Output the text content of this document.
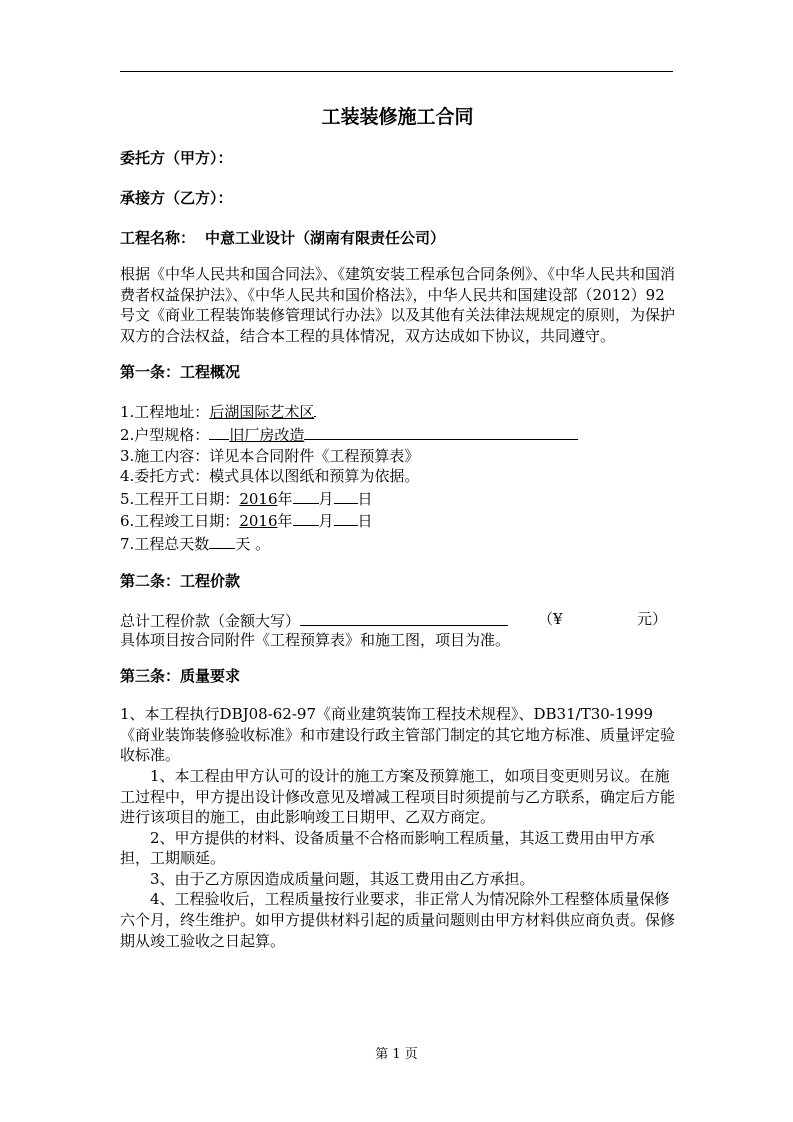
工装装修施工合同
委托方（甲方）：
承接方（乙方）：
工程名称： 中意工业设计（湖南有限责任公司）

根据《中华人民共和国合同法》、《建筑安装工程承包合同条例》、《中华人民共和国消费者权益保护法》、《中华人民共和国价格法》，中华人民共和国建设部（2012）92号文《商业工程装饰装修管理试行办法》以及其他有关法律法规规定的原则，为保护双方的合法权益，结合本工程的具体情况，双方达成如下协议，共同遵守。

第一条：工程概况

1.工程地址：后湖国际艺术区

2.户型规格： 旧厂房改造

3.施工内容：详见本合同附件《工程预算表》

4.委托方式：模式具体以图纸和预算为依据。

5.工程开工日期：2016年 月 日

6.工程竣工日期：2016年 月 日

7.工程总天数 天 。

第二条：工程价款
总计工程价款（金额大写）	（¥	元）

具体项目按合同附件《工程预算表》和施工图，项目为准。

第三条：质量要求

1、本工程执行DBJ08-62-97《商业建筑装饰工程技术规程》、DB31/T30-1999《商业装饰装修验收标准》和市建设行政主管部门制定的其它地方标准、质量评定验收标准。

1、本工程由甲方认可的设计的施工方案及预算施工，如项目变更则另议。在施工过程中，甲方提出设计修改意见及增减工程项目时须提前与乙方联系，确定后方能进行该项目的施工，由此影响竣工日期甲、乙双方商定。

2、甲方提供的材料、设备质量不合格而影响工程质量，其返工费用由甲方承担，工期顺延。

3、由于乙方原因造成质量问题，其返工费用由乙方承担。

4、工程验收后，工程质量按行业要求，非正常人为情况除外工程整体质量保修六个月，终生维护。如甲方提供材料引起的质量问题则由甲方材料供应商负责。保修期从竣工验收之日起算。

第 1 页
